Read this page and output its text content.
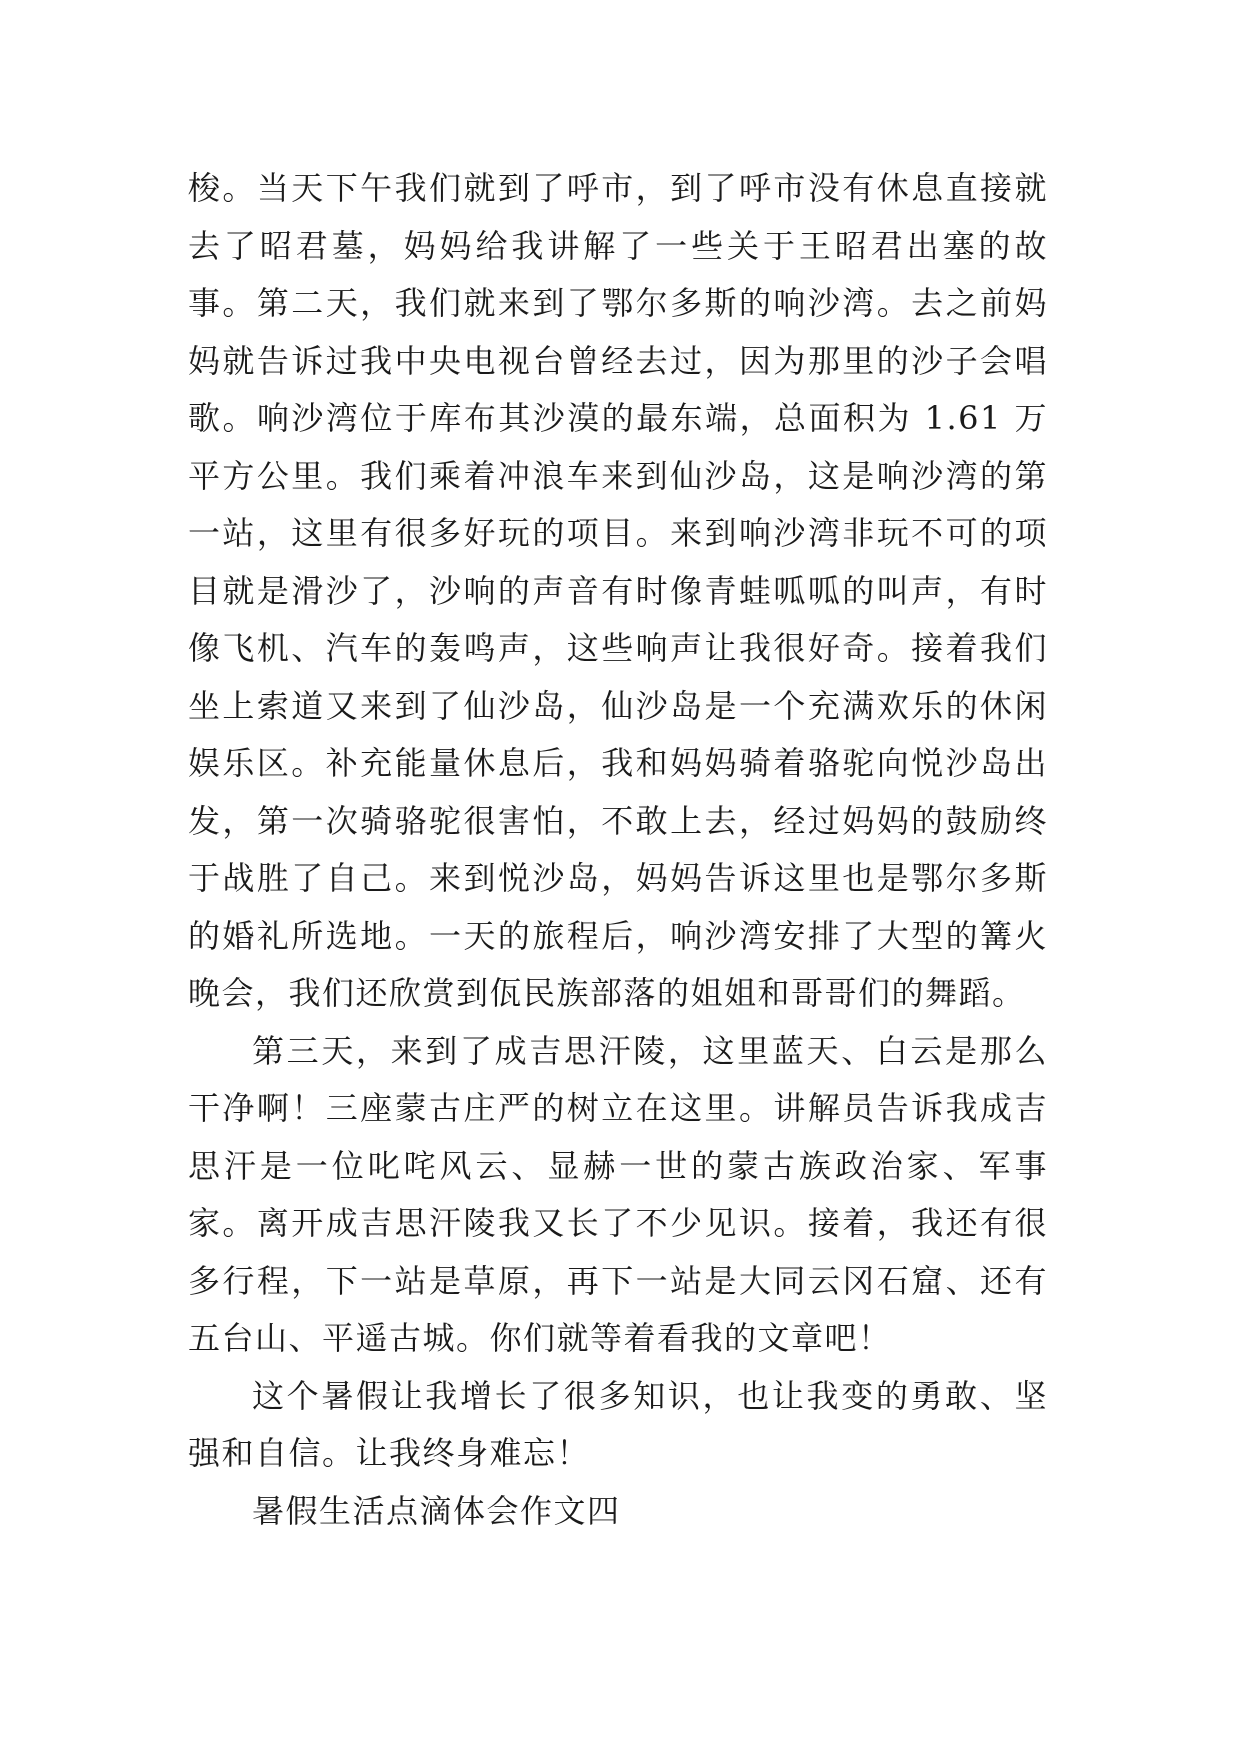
梭。当天下午我们就到了呼市，到了呼市没有休息直接就去了昭君墓，妈妈给我讲解了一些关于王昭君出塞的故事。第二天，我们就来到了鄂尔多斯的响沙湾。去之前妈妈就告诉过我中央电视台曾经去过，因为那里的沙子会唱歌。响沙湾位于库布其沙漠的最东端，总面积为 1.61 万平方公里。我们乘着冲浪车来到仙沙岛，这是响沙湾的第一站，这里有很多好玩的项目。来到响沙湾非玩不可的项目就是滑沙了，沙响的声音有时像青蛙呱呱的叫声，有时像飞机、汽车的轰鸣声，这些响声让我很好奇。接着我们坐上索道又来到了仙沙岛，仙沙岛是一个充满欢乐的休闲娱乐区。补充能量休息后，我和妈妈骑着骆驼向悦沙岛出发，第一次骑骆驼很害怕，不敢上去，经过妈妈的鼓励终于战胜了自己。来到悦沙岛，妈妈告诉这里也是鄂尔多斯的婚礼所选地。一天的旅程后，响沙湾安排了大型的篝火晚会，我们还欣赏到佤民族部落的姐姐和哥哥们的舞蹈。

第三天，来到了成吉思汗陵，这里蓝天、白云是那么干净啊！三座蒙古庄严的树立在这里。讲解员告诉我成吉思汗是一位叱咤风云、显赫一世的蒙古族政治家、军事家。离开成吉思汗陵我又长了不少见识。接着，我还有很多行程，下一站是草原，再下一站是大同云冈石窟、还有五台山、平遥古城。你们就等着看我的文章吧！

这个暑假让我增长了很多知识，也让我变的勇敢、坚强和自信。让我终身难忘！

暑假生活点滴体会作文四
